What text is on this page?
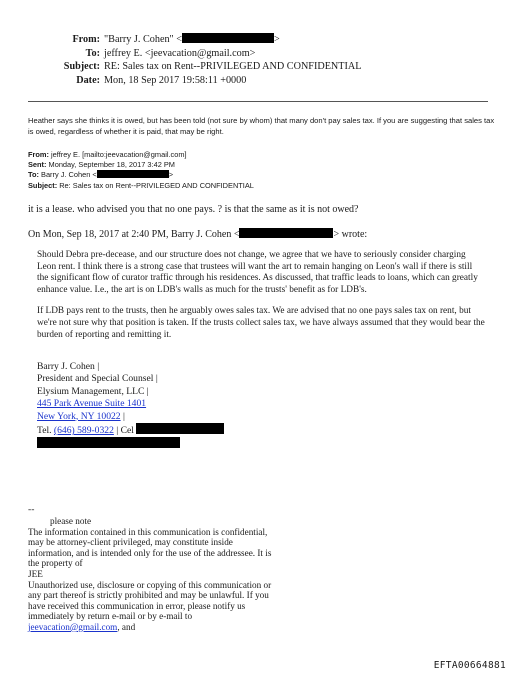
From: "Barry J. Cohen" <	>
To: jeffrey E. <jeevacation@gmail.com>
Subject: RE: Sales tax on Rent--PRIVILEGED AND CONFIDENTIAL
Date: Mon, 18 Sep 2017 19:58:11 +0000
Heather says she thinks it is owed, but has been told (not sure by whom) that many don't pay sales tax. If you are suggesting that sales tax is owed, regardless of whether it is paid, that may be right.
From: jeffrey E. [mailto:jeevacation@gmail.com]
Sent: Monday, September 18, 2017 3:42 PM
To: Barry J. Cohen <	>
Subject: Re: Sales tax on Rent--PRIVILEGED AND CONFIDENTIAL
it is a lease. who advised you that no one pays. ? is that the same as it is not owed?
On Mon, Sep 18, 2017 at 2:40 PM, Barry J. Cohen <	> wrote:

Should Debra pre-decease, and our structure does not change, we agree that we have to seriously consider charging Leon rent. I think there is a strong case that trustees will want the art to remain hanging on Leon's wall if there is still the significant flow of curator traffic through his residences. As discussed, that traffic leads to loans, which can greatly enhance value. I.e., the art is on LDB's walls as much for the trusts' benefit as for LDB's.

If LDB pays rent to the trusts, then he arguably owes sales tax. We are advised that no one pays sales tax on rent, but we're not sure why that position is taken. If the trusts collect sales tax, we have always assumed that they would bear the burden of reporting and remitting it.

Barry J. Cohen |
President and Special Counsel |
Elysium Management, LLC |
445 Park Avenue Suite 1401
New York, NY 10022 |
Tel. (646) 589-0322 | Cel
--
please note
The information contained in this communication is confidential, may be attorney-client privileged, may constitute inside information, and is intended only for the use of the addressee. It is the property of
JEE
Unauthorized use, disclosure or copying of this communication or any part thereof is strictly prohibited and may be unlawful. If you have received this communication in error, please notify us immediately by return e-mail or by e-mail to jeevacation@gmail.com, and
EFTA00664881
